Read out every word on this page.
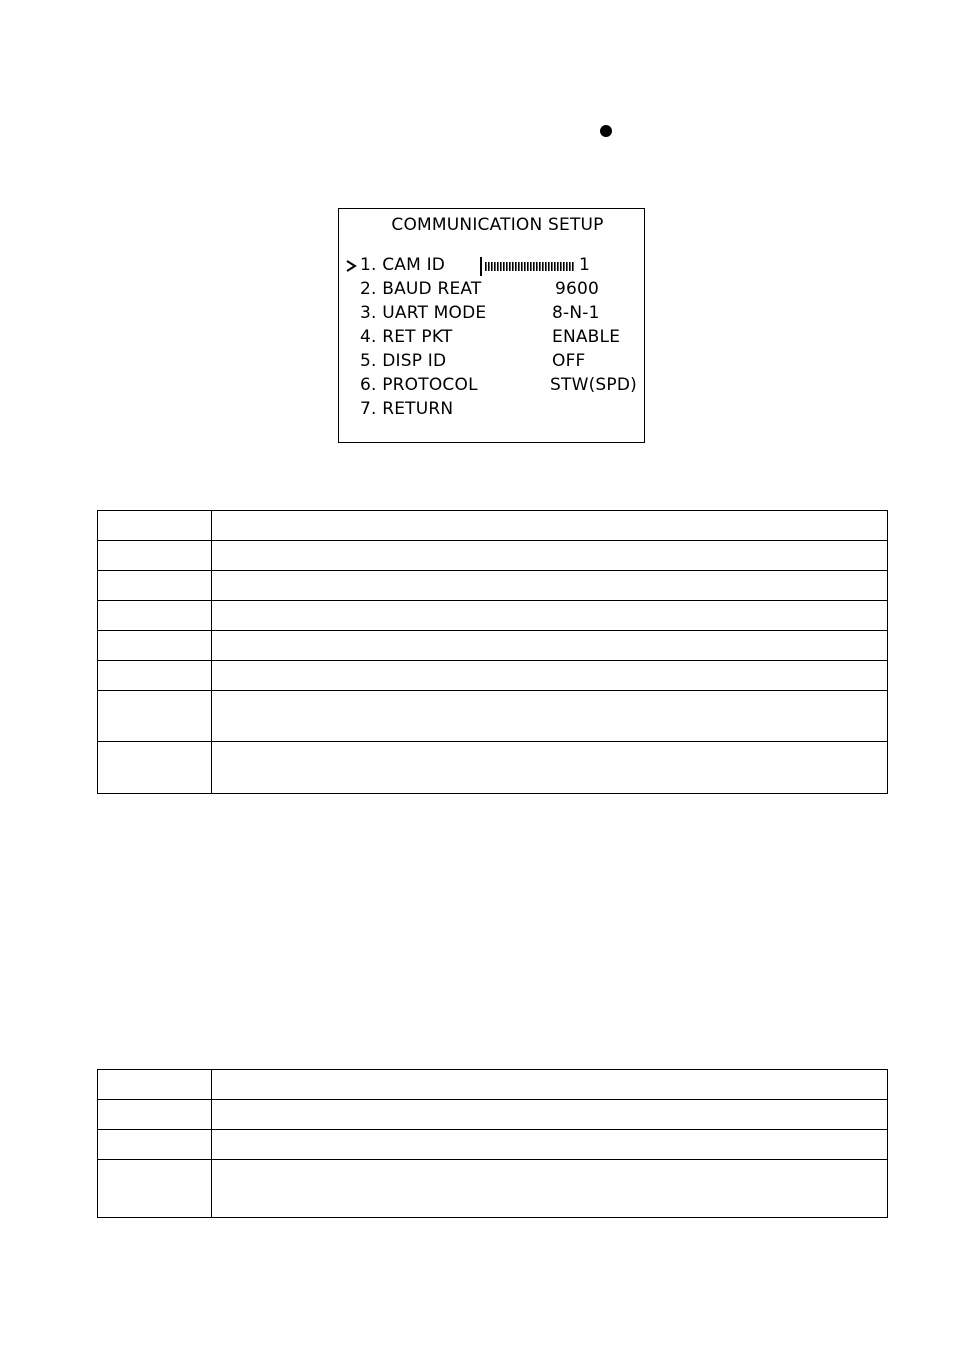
COMMUNICATION SETUP
1. CAM ID	1
2. BAUD REAT	9600
3. UART MODE	8-N-1
4. RET PKT	ENABLE
5. DISP ID	OFF
6. PROTOCOL	STW(SPD)
7. RETURN
